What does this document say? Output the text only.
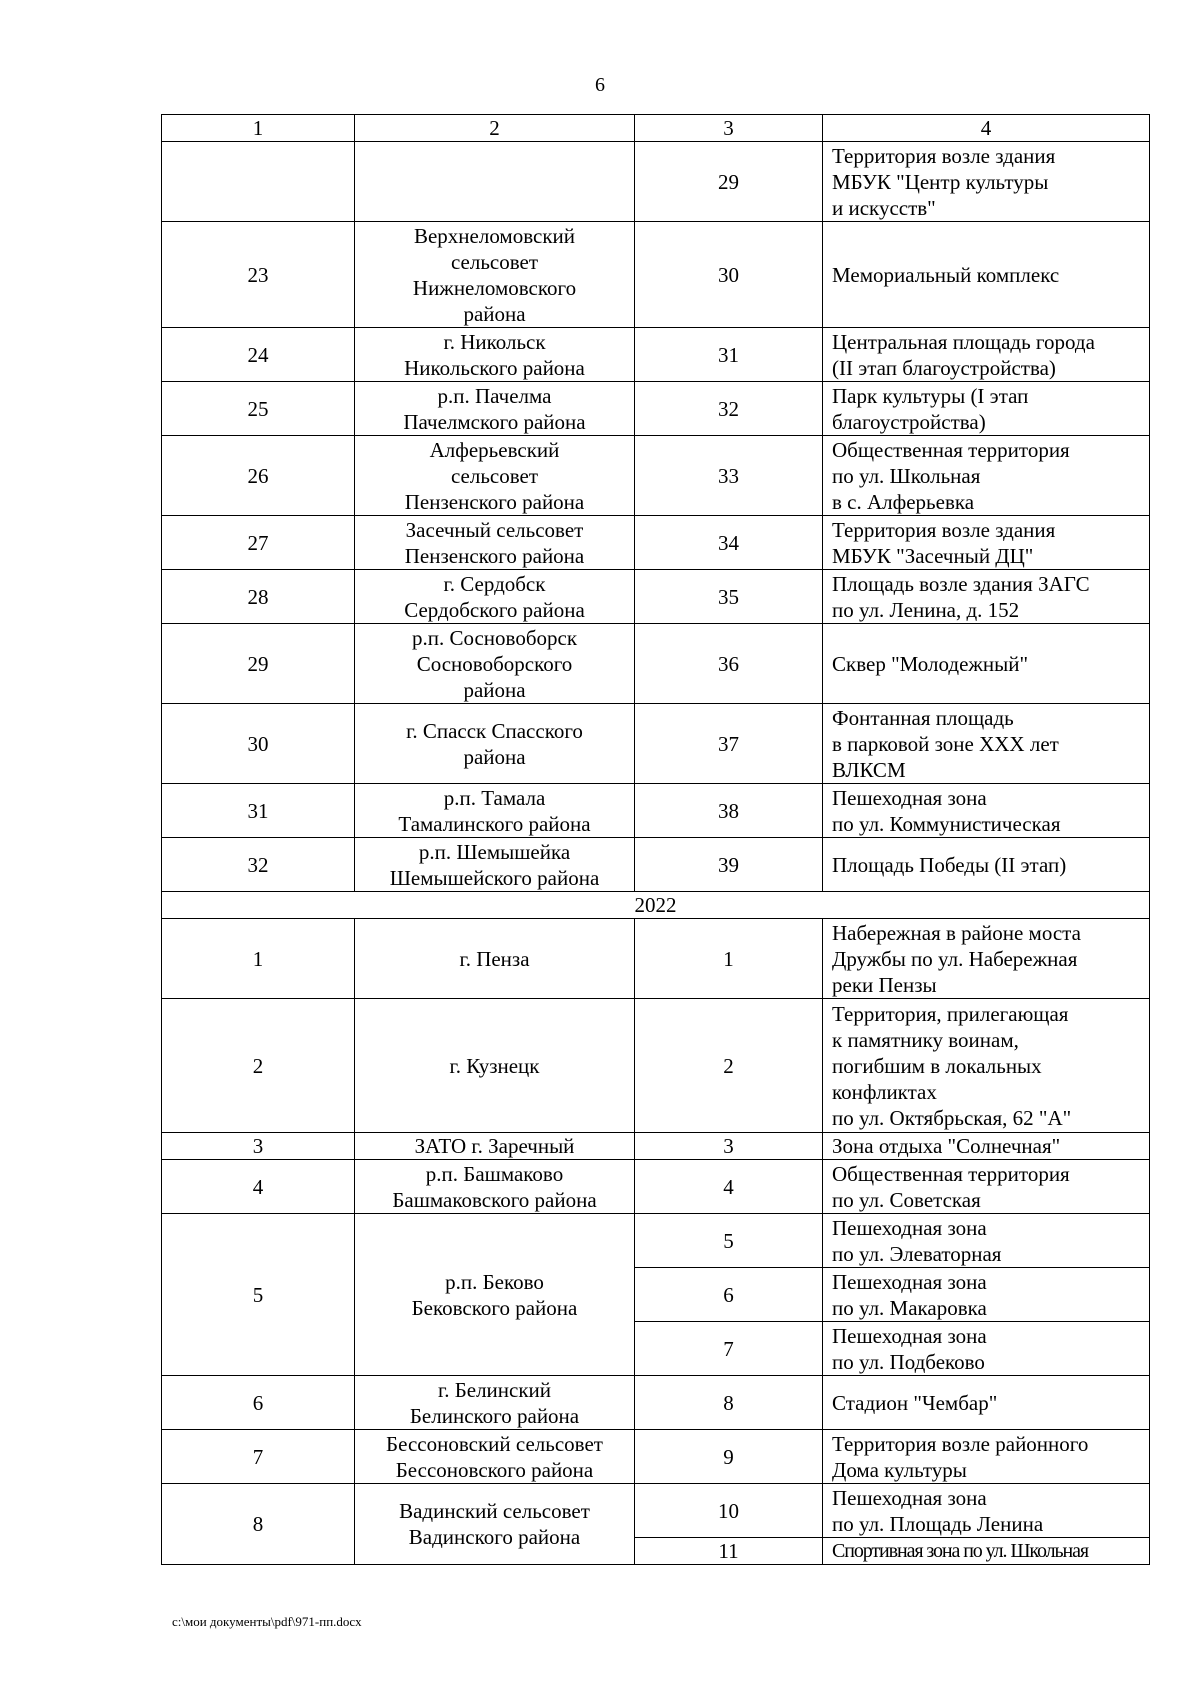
6
1	2	3	4
		29	Территория возле здания
МБУК "Центр культуры
и искусств"
23	Верхнеломовский
сельсовет
Нижнеломовского
района	30	Мемориальный комплекс
24	г. Никольск
Никольского района	31	Центральная площадь города
(II этап благоустройства)
25	р.п. Пачелма
Пачелмского района	32	Парк культуры (I этап
благоустройства)
26	Алферьевский
сельсовет
Пензенского района	33	Общественная территория
по ул. Школьная
в с. Алферьевка
27	Засечный сельсовет
Пензенского района	34	Территория возле здания
МБУК "Засечный ДЦ"
28	г. Сердобск
Сердобского района	35	Площадь возле здания ЗАГС
по ул. Ленина, д. 152
29	р.п. Сосновоборск
Сосновоборского
района	36	Сквер "Молодежный"
30	г. Спасск Спасского
района	37	Фонтанная площадь
в парковой зоне XXX лет
ВЛКСМ
31	р.п. Тамала
Тамалинского района	38	Пешеходная зона
по ул. Коммунистическая
32	р.п. Шемышейка
Шемышейского района	39	Площадь Победы (II этап)
2022			
1	г. Пенза	1	Набережная в районе моста
Дружбы по ул. Набережная
реки Пензы
2	г. Кузнецк	2	Территория, прилегающая
к памятнику воинам,
погибшим в локальных
конфликтах
по ул. Октябрьская, 62 "А"
3	ЗАТО г. Заречный	3	Зона отдыха "Солнечная"
4	р.п. Башмаково
Башмаковского района	4	Общественная территория
по ул. Советская
5	р.п. Беково
Бековского района	5	Пешеходная зона
по ул. Элеваторная
		6	Пешеходная зона
по ул. Макаровка
		7	Пешеходная зона
по ул. Подбеково
6	г. Белинский
Белинского района	8	Стадион "Чембар"
7	Бессоновский сельсовет
Бессоновского района	9	Территория возле районного
Дома культуры
8	Вадинский сельсовет
Вадинского района	10	Пешеходная зона
по ул. Площадь Ленина
		11	Спортивная зона по ул. Школьная
c:\мои документы\pdf\971-пп.docx
